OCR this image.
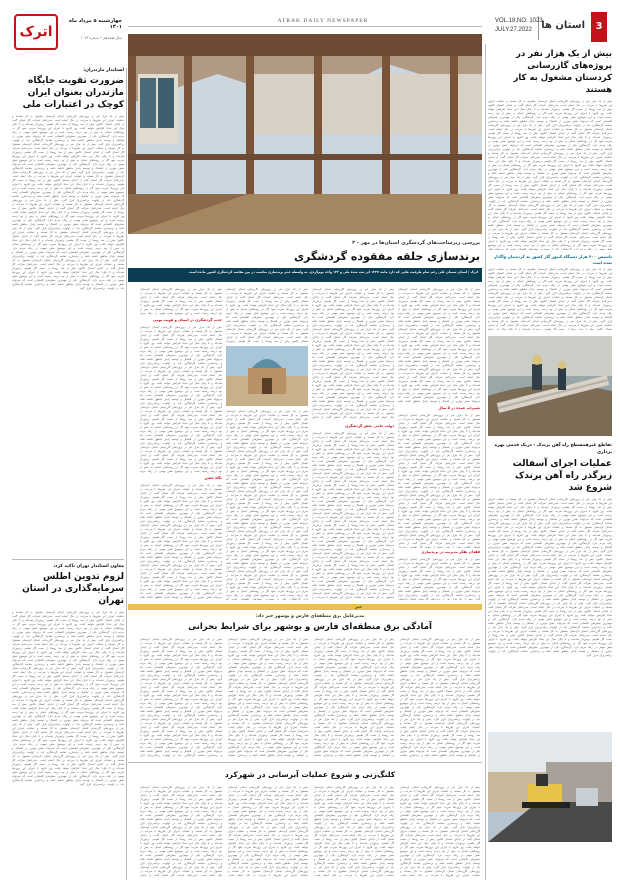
3
استان ها
VOL.18,NO. 1023
JULY.27.2022
ATRAK DAILY NEWSPAPER
اترک
چهارشنبه ۵ مرداد ماه ۱۴۰۱
سال هیجدهم • شماره ۱۰۲۳
بیش از یک هزار نفر در پروژه‌های گازرسانی کردستان مشغول به کار هستند
بیش از یک هزار نفر در پروژه‌های گازرسانی استان کردستان مشغول به کار هستند و عملیات اجرای این طرح‌ها با سرعت در حال انجام است. مدیرعامل شرکت گاز استان گفت از ابتدای امسال تاکنون بیش از صد روستا از نعمت گاز طبیعی برخوردار شده‌اند و تا پایان سال این تعداد افزایش خواهد یافت. وی افزود با اجرای این پروژه‌ها ضریب نفوذ گاز در روستاهای استان به بیش از نود درصد رسیده است و این موضوع نقش مهمی در رفاه مردم دارد. گردشگری یکی از مهم‌ترین بخش‌های اقتصادی است که می‌تواند نقش موثری در اشتغال و توسعه پایدار مناطق داشته باشد و برندسازی مقاصد گردشگری باید در اولویت برنامه‌ریزان قرار گیرد. بیش از یک هزار نفر در پروژه‌های گازرسانی استان کردستان مشغول به کار هستند و عملیات اجرای این طرح‌ها با سرعت در حال انجام است. مدیرعامل شرکت گاز استان گفت از ابتدای امسال تاکنون بیش از صد روستا از نعمت گاز طبیعی برخوردار شده‌اند و تا پایان سال این تعداد افزایش خواهد یافت. وی افزود با اجرای این پروژه‌ها ضریب نفوذ گاز در روستاهای استان به بیش از نود درصد رسیده است و این موضوع نقش مهمی در رفاه مردم دارد. گردشگری یکی از مهم‌ترین بخش‌های اقتصادی است که می‌تواند نقش موثری در اشتغال و توسعه پایدار مناطق داشته باشد و برندسازی مقاصد گردشگری باید در اولویت برنامه‌ریزان قرار گیرد. بیش از یک هزار نفر در پروژه‌های گازرسانی استان کردستان مشغول به کار هستند و عملیات اجرای این طرح‌ها با سرعت در حال انجام است. مدیرعامل شرکت گاز استان گفت از ابتدای امسال تاکنون بیش از صد روستا از نعمت گاز طبیعی برخوردار شده‌اند و تا پایان سال این تعداد افزایش خواهد یافت. وی افزود با اجرای این پروژه‌ها ضریب نفوذ گاز در روستاهای استان به بیش از نود درصد رسیده است و این موضوع نقش مهمی در رفاه مردم دارد. گردشگری یکی از مهم‌ترین بخش‌های اقتصادی است که می‌تواند نقش موثری در اشتغال و توسعه پایدار مناطق داشته باشد و برندسازی مقاصد گردشگری باید در اولویت برنامه‌ریزان قرار گیرد. بیش از یک هزار نفر در پروژه‌های گازرسانی استان کردستان مشغول به کار هستند و عملیات اجرای این طرح‌ها با سرعت در حال انجام است. مدیرعامل شرکت گاز استان گفت از ابتدای امسال تاکنون بیش از صد روستا از نعمت گاز طبیعی برخوردار شده‌اند و تا پایان سال این تعداد افزایش خواهد یافت. وی افزود با اجرای این پروژه‌ها ضریب نفوذ گاز در روستاهای استان به بیش از نود درصد رسیده است و این موضوع نقش مهمی در رفاه مردم دارد. گردشگری یکی از مهم‌ترین بخش‌های اقتصادی است که می‌تواند نقش موثری در اشتغال و توسعه پایدار مناطق داشته باشد و برندسازی مقاصد گردشگری باید در اولویت برنامه‌ریزان قرار گیرد. بیش از یک هزار نفر در پروژه‌های گازرسانی استان کردستان مشغول به کار هستند و عملیات اجرای این طرح‌ها با سرعت در حال انجام است. مدیرعامل شرکت گاز استان گفت از ابتدای امسال تاکنون بیش از صد روستا از نعمت گاز طبیعی برخوردار شده‌اند و تا پایان سال این تعداد افزایش خواهد یافت. وی افزود با اجرای این پروژه‌ها ضریب نفوذ گاز در روستاهای استان به بیش از نود درصد رسیده است و این موضوع نقش مهمی در رفاه مردم دارد. گردشگری یکی از مهم‌ترین بخش‌های اقتصادی است که می‌تواند نقش موثری در اشتغال و توسعه پایدار مناطق داشته باشد و برندسازی مقاصد گردشگری باید در اولویت برنامه‌ریزان قرار گیرد. بیش از یک هزار نفر در پروژه‌های گازرسانی استان کردستان مشغول به کار هستند و عملیات اجرای این طرح‌ها با سرعت در حال انجام است. مدیرعامل شرکت گاز استان گفت از ابتدای امسال تاکنون بیش از صد روستا از نعمت گاز طبیعی برخوردار شده‌اند و تا پایان سال این تعداد افزایش خواهد یافت. وی افزود با اجرای این پروژه‌ها ضریب نفوذ گاز در روستاهای استان به بیش از نود درصد رسیده است و این موضوع نقش مهمی در رفاه مردم دارد. گردشگری یکی از مهم‌ترین بخش‌های اقتصادی است که می‌تواند نقش
تاسیس ۴۰۰ هزار دستگاه کنتور گاز کشور به کردستان واگذار شده است
بیش از یک هزار نفر در پروژه‌های گازرسانی استان کردستان مشغول به کار هستند و عملیات اجرای این طرح‌ها با سرعت در حال انجام است. مدیرعامل شرکت گاز استان گفت از ابتدای امسال تاکنون بیش از صد روستا از نعمت گاز طبیعی برخوردار شده‌اند و تا پایان سال این تعداد افزایش خواهد یافت. وی افزود با اجرای این پروژه‌ها ضریب نفوذ گاز در روستاهای استان به بیش از نود درصد رسیده است و این موضوع نقش مهمی در رفاه مردم دارد. گردشگری یکی از مهم‌ترین بخش‌های اقتصادی است که می‌تواند نقش موثری در اشتغال و توسعه پایدار مناطق داشته باشد و برندسازی مقاصد گردشگری باید در اولویت برنامه‌ریزان قرار گیرد. بیش از یک هزار نفر در پروژه‌های گازرسانی استان کردستان مشغول به کار هستند و عملیات اجرای این طرح‌ها با سرعت در حال انجام است. مدیرعامل شرکت گاز استان گفت از ابتدای امسال تاکنون بیش از صد روستا از نعمت گاز طبیعی برخوردار شده‌اند و تا پایان سال این تعداد افزایش خواهد یافت. وی افزود با اجرای این پروژه‌ها ضریب نفوذ گاز در روستاهای استان به بیش از نود درصد رسیده است و این موضوع نقش مهمی در رفاه مردم دارد. گردشگری یکی از مهم‌ترین بخش‌های اقتصادی است که می‌تواند نقش موثری در اشتغال و توسعه پایدار مناطق داشته باشد و برندسازی مقاصد گردشگری باید در اولویت برنامه‌ریزان قرار گیرد. بیش از یک هزار نفر در پروژه‌های گازرسانی استان کردستان مشغول به کار هستند و عملیات اجرای این طرح‌ها با سرعت در حال انجام است. مدیرعامل شرکت گاز استان گفت از ابتدای امسال تاکنون بیش از صد روستا از نعمت گاز طبیعی برخوردار شده‌اند و تا پایان سال این تعداد
تقاطع غیرهمسطح راه آهن پرندک - دریک قدمی بهره برداری
عملیات اجرای آسفالت زیرگذر راه آهن پرندک شروع شد
بیش از یک هزار نفر در پروژه‌های گازرسانی استان کردستان مشغول به کار هستند و عملیات اجرای این طرح‌ها با سرعت در حال انجام است. مدیرعامل شرکت گاز استان گفت از ابتدای امسال تاکنون بیش از صد روستا از نعمت گاز طبیعی برخوردار شده‌اند و تا پایان سال این تعداد افزایش خواهد یافت. وی افزود با اجرای این پروژه‌ها ضریب نفوذ گاز در روستاهای استان به بیش از نود درصد رسیده است و این موضوع نقش مهمی در رفاه مردم دارد. گردشگری یکی از مهم‌ترین بخش‌های اقتصادی است که می‌تواند نقش موثری در اشتغال و توسعه پایدار مناطق داشته باشد و برندسازی مقاصد گردشگری باید در اولویت برنامه‌ریزان قرار گیرد. بیش از یک هزار نفر در پروژه‌های گازرسانی استان کردستان مشغول به کار هستند و عملیات اجرای این طرح‌ها با سرعت در حال انجام است. مدیرعامل شرکت گاز استان گفت از ابتدای امسال تاکنون بیش از صد روستا از نعمت گاز طبیعی برخوردار شده‌اند و تا پایان سال این تعداد افزایش خواهد یافت. وی افزود با اجرای این پروژه‌ها ضریب نفوذ گاز در روستاهای استان به بیش از نود درصد رسیده است و این موضوع نقش مهمی در رفاه مردم دارد. گردشگری یکی از مهم‌ترین بخش‌های اقتصادی است که می‌تواند نقش موثری در اشتغال و توسعه پایدار مناطق داشته باشد و برندسازی مقاصد گردشگری باید در اولویت برنامه‌ریزان قرار گیرد. بیش از یک هزار نفر در پروژه‌های گازرسانی استان کردستان مشغول به کار هستند و عملیات اجرای این طرح‌ها با سرعت در حال انجام است. مدیرعامل شرکت گاز استان گفت از ابتدای امسال تاکنون بیش از صد روستا از نعمت گاز طبیعی برخوردار شده‌اند و تا پایان سال این تعداد افزایش خواهد یافت. وی افزود با اجرای این پروژه‌ها ضریب نفوذ گاز در روستاهای استان به بیش از نود درصد رسیده است و این موضوع نقش مهمی در رفاه مردم دارد. گردشگری یکی از مهم‌ترین بخش‌های اقتصادی است که می‌تواند نقش موثری در اشتغال و توسعه پایدار مناطق داشته باشد و برندسازی مقاصد گردشگری باید در اولویت برنامه‌ریزان قرار گیرد. بیش از یک هزار نفر در پروژه‌های گازرسانی استان کردستان مشغول به کار هستند و عملیات اجرای این طرح‌ها با سرعت در حال انجام است. مدیرعامل شرکت گاز استان گفت از ابتدای امسال تاکنون بیش از صد روستا از نعمت گاز طبیعی برخوردار شده‌اند و تا پایان سال این تعداد افزایش خواهد یافت. وی افزود با اجرای این پروژه‌ها ضریب نفوذ گاز در روستاهای استان به بیش از نود درصد رسیده است و این موضوع نقش مهمی در رفاه مردم دارد. گردشگری یکی از مهم‌ترین بخش‌های اقتصادی است که می‌تواند نقش موثری در اشتغال و توسعه پایدار مناطق داشته باشد و برندسازی مقاصد گردشگری باید در اولویت برنامه‌ریزان قرار گیرد. بیش از یک هزار نفر در پروژه‌های گازرسانی استان کردستان مشغول به کار هستند و عملیات اجرای این طرح‌ها با سرعت در حال انجام است. مدیرعامل شرکت گاز استان گفت از ابتدای امسال تاکنون بیش از صد روستا از نعمت گاز طبیعی برخوردار شده‌اند و تا پایان سال این تعداد افزایش خواهد یافت. وی افزود با اجرای این پروژه‌ها ضریب نفوذ گاز در روستاهای استان به بیش از نود درصد رسیده است و این موضوع نقش مهمی در رفاه مردم دارد. گردشگری یکی از مهم‌ترین بخش‌های اقتصادی است که می‌تواند نقش موثری در اشتغال و توسعه پایدار مناطق داشته باشد و برندسازی مقاصد گردشگری باید در اولویت برنامه‌ریزان قرار گیرد. بیش از یک هزار نفر در پروژه‌های گازرسانی استان کردستان مشغول به کار هستند و عملیات اجرای این طرح‌ها با سرعت در حال انجام است. مدیرعامل شرکت گاز استان گفت از ابتدای امسال تاکنون بیش از صد روستا از نعمت گاز طبیعی برخوردار شده‌اند و تا پایان سال این تعداد افزایش خواهد یافت. وی افزود با اجرای این پروژه‌ها ضریب نفوذ گاز در روستاهای استان به بیش از نود درصد رسیده است و این موضوع نقش مهمی در رفاه مردم دارد. گردشگری یکی از مهم‌ترین بخش‌های اقتصادی است که می‌تواند نقش موثری در اشتغال و توسعه پایدار مناطق داشته باشد و برندسازی مقاصد گردشگری باید در اولویت برنامه‌ریزان قرار گیرد.
بررسی زیرساخت‌های گردشگری استان‌ها در مهر - ۳
برندسازی حلقه مفقوده گردشگری
اترک / استان سمنان علی رغم تمام ظرفیت هایی که دارد مانند ۱۳۳۷ اثر ثبت شده ملی و ۱۳۳ واحد بوم‌گردی، به واسطه عدم برندسازی مناسب در بین مقاصد گردشگری کشور مانده است
بیش از یک هزار نفر در پروژه‌های گازرسانی استان کردستان مشغول به کار هستند و عملیات اجرای این طرح‌ها با سرعت در حال انجام است. مدیرعامل شرکت گاز استان گفت از ابتدای امسال تاکنون بیش از صد روستا از نعمت گاز طبیعی برخوردار شده‌اند و تا پایان سال این تعداد افزایش خواهد یافت. وی افزود با اجرای این پروژه‌ها ضریب نفوذ گاز در روستاهای استان به بیش از نود درصد رسیده است و این موضوع نقش مهمی در رفاه مردم دارد. گردشگری یکی از مهم‌ترین بخش‌های اقتصادی است که می‌تواند نقش موثری در اشتغال و توسعه پایدار مناطق داشته باشد و برندسازی مقاصد گردشگری باید در اولویت برنامه‌ریزان قرار گیرد. بیش از یک هزار نفر در پروژه‌های گازرسانی استان کردستان مشغول به کار هستند و عملیات اجرای این طرح‌ها با سرعت در حال انجام است. مدیرعامل شرکت گاز استان گفت از ابتدای امسال تاکنون بیش از صد روستا از نعمت گاز طبیعی برخوردار شده‌اند و تا پایان سال این تعداد افزایش خواهد یافت. وی افزود با اجرای این پروژه‌ها ضریب نفوذ گاز در روستاهای استان به بیش از نود درصد رسیده است و این موضوع نقش مهمی در رفاه مردم دارد. گردشگری یکی از مهم‌ترین بخش‌های اقتصادی است که می‌تواند نقش موثری در اشتغال و توسعه پایدار مناطق داشته باشد و برندسازی مقاصد گردشگری باید در اولویت برنامه‌ریزان قرار گیرد. بیش از یک هزار نفر در پروژه‌های گازرسانی استان کردستان مشغول به کار هستند و عملیات اجرای این طرح‌ها با سرعت در حال انجام است. مدیرعامل شرکت گاز استان گفت از ابتدای امسال تاکنون بیش از صد روستا از نعمت گاز طبیعی برخوردار شده‌اند و تا پایان سال این تعداد افزایش خواهد یافت. وی افزود با اجرای این پروژه‌ها ضریب نفوذ گاز در روستاهای استان به بیش از نود درصد رسیده است و این موضوع نقش مهمی در رفاه مردم دارد. گردشگری یکی از مهم‌ترین بخش‌های اقتصادی است که می‌تواند نقش موثری در اشتغال و توسعه پایدار مناطق داشته باشد
تغییرات عمده در ۵ سال
بیش از یک هزار نفر در پروژه‌های گازرسانی استان کردستان مشغول به کار هستند و عملیات اجرای این طرح‌ها با سرعت در حال انجام است. مدیرعامل شرکت گاز استان گفت از ابتدای امسال تاکنون بیش از صد روستا از نعمت گاز طبیعی برخوردار شده‌اند و تا پایان سال این تعداد افزایش خواهد یافت. وی افزود با اجرای این پروژه‌ها ضریب نفوذ گاز در روستاهای استان به بیش از نود درصد رسیده است و این موضوع نقش مهمی در رفاه مردم دارد. گردشگری یکی از مهم‌ترین بخش‌های اقتصادی است که می‌تواند نقش موثری در اشتغال و توسعه پایدار مناطق داشته باشد و برندسازی مقاصد گردشگری باید در اولویت برنامه‌ریزان قرار گیرد. بیش از یک هزار نفر در پروژه‌های گازرسانی استان کردستان مشغول به کار هستند و عملیات اجرای این طرح‌ها با سرعت در حال انجام است. مدیرعامل شرکت گاز استان گفت از ابتدای امسال تاکنون بیش از صد روستا از نعمت گاز طبیعی برخوردار شده‌اند و تا پایان سال این تعداد افزایش خواهد یافت. وی افزود با اجرای این پروژه‌ها ضریب نفوذ گاز در روستاهای استان به بیش از نود درصد رسیده است و این موضوع نقش مهمی در رفاه مردم دارد. گردشگری یکی از مهم‌ترین بخش‌های اقتصادی است که می‌تواند نقش موثری در اشتغال و توسعه پایدار مناطق داشته باشد و برندسازی مقاصد گردشگری باید در اولویت برنامه‌ریزان قرار گیرد. بیش از یک هزار نفر در پروژه‌های گازرسانی استان کردستان مشغول به کار هستند و عملیات اجرای این طرح‌ها با سرعت در حال انجام است. مدیرعامل شرکت گاز استان گفت از ابتدای امسال تاکنون بیش از صد روستا از نعمت گاز طبیعی برخوردار شده‌اند و تا پایان سال این تعداد افزایش خواهد یافت. وی افزود با اجرای این پروژه‌ها ضریب نفوذ گاز در روستاهای استان به بیش از نود درصد رسیده است و این موضوع نقش مهمی در رفاه مردم دارد. گردشگری یکی از مهم‌ترین بخش‌های اقتصادی است که می‌تواند نقش موثری در اشتغال و توسعه پایدار مناطق داشته باشد و برندسازی مقاصد گردشگری باید در اولویت برنامه‌ریزان قرار گیرد. بیش از یک هزار نفر در پروژه‌های گازرسانی استان کردستان مشغول به کار هستند و عملیات اجرای این طرح‌ها با سرعت در حال انجام است. مدیرعامل شرکت گاز استان گفت از ابتدای امسال تاکنون بیش از صد روستا از نعمت گاز طبیعی برخوردار
فقدان تفکر مدیریت در برندسازی
بیش از یک هزار نفر در پروژه‌های گازرسانی استان کردستان مشغول به کار هستند و عملیات اجرای این طرح‌ها با سرعت در حال انجام است. مدیرعامل شرکت گاز استان گفت از ابتدای امسال تاکنون بیش از صد روستا از نعمت گاز طبیعی برخوردار شده‌اند و تا پایان سال این تعداد افزایش خواهد یافت. وی افزود با اجرای این پروژه‌ها ضریب نفوذ گاز در روستاهای استان به بیش از نود درصد رسیده است و این موضوع نقش مهمی در رفاه مردم دارد. گردشگری یکی از مهم‌ترین بخش‌های اقتصادی است که می‌تواند نقش موثری در اشتغال و توسعه پایدار مناطق داشته باشد و برندسازی مقاصد گردشگری باید در اولویت برنامه‌ریزان قرار گیرد. بیش از یک هزار نفر در پروژه‌های گازرسانی استان کردستان
بیش از یک هزار نفر در پروژه‌های گازرسانی استان کردستان مشغول به کار هستند و عملیات اجرای این طرح‌ها با سرعت در حال انجام است. مدیرعامل شرکت گاز استان گفت از ابتدای امسال تاکنون بیش از صد روستا از نعمت گاز طبیعی برخوردار شده‌اند و تا پایان سال این تعداد افزایش خواهد یافت. وی افزود با اجرای این پروژه‌ها ضریب نفوذ گاز در روستاهای استان به بیش از نود درصد رسیده است و این موضوع نقش مهمی در رفاه مردم دارد. گردشگری یکی از مهم‌ترین بخش‌های اقتصادی است که می‌تواند نقش موثری در اشتغال و توسعه پایدار مناطق داشته باشد و برندسازی مقاصد گردشگری باید در اولویت برنامه‌ریزان قرار گیرد. بیش از یک هزار نفر در پروژه‌های گازرسانی استان کردستان مشغول به کار هستند و عملیات اجرای این طرح‌ها با سرعت در حال انجام است. مدیرعامل شرکت گاز استان گفت از ابتدای امسال تاکنون بیش از صد روستا از نعمت گاز طبیعی برخوردار شده‌اند و تا پایان سال این تعداد افزایش خواهد یافت. وی افزود با اجرای این پروژه‌ها ضریب نفوذ گاز در روستاهای استان به بیش از نود درصد رسیده است و این موضوع نقش مهمی در رفاه مردم دارد. گردشگری یکی از مهم‌ترین بخش‌های اقتصادی است که می‌تواند نقش موثری در اشتغال و توسعه پایدار مناطق داشته باشد و برندسازی مقاصد گردشگری باید در اولویت برنامه‌ریزان قرار گیرد. بیش از یک هزار نفر در پروژه‌های گازرسانی استان کردستان مشغول به کار هستند و عملیات اجرای این طرح‌ها با سرعت در حال انجام است. مدیرعامل شرکت گاز استان گفت از ابتدای امسال تاکنون بیش از صد روستا از نعمت گاز طبیعی برخوردار شده‌اند و تا پایان سال این تعداد افزایش خواهد یافت. وی افزود با اجرای این پروژه‌ها ضریب نفوذ گاز در روستاهای استان به بیش از نود درصد رسیده است و این موضوع نقش مهمی در رفاه مردم دارد. گردشگری یکی از مهم‌ترین بخش‌های اقتصادی است که می‌تواند نقش موثری در اشتغال و توسعه پایدار مناطق داشته باشد و برندسازی مقاصد گردشگری باید در اولویت برنامه‌ریزان قرار گیرد. بیش از یک هزار نفر در پروژه‌های گازرسانی استان کردستان مشغول به کار هستند و عملیات اجرای این طرح‌ها با سرعت در حال انجام است. مدیرعامل شرکت گاز استان گفت از ابتدای
دولت حامی بخش گردشگری
بیش از یک هزار نفر در پروژه‌های گازرسانی استان کردستان مشغول به کار هستند و عملیات اجرای این طرح‌ها با سرعت در حال انجام است. مدیرعامل شرکت گاز استان گفت از ابتدای امسال تاکنون بیش از صد روستا از نعمت گاز طبیعی برخوردار شده‌اند و تا پایان سال این تعداد افزایش خواهد یافت. وی افزود با اجرای این پروژه‌ها ضریب نفوذ گاز در روستاهای استان به بیش از نود درصد رسیده است و این موضوع نقش مهمی در رفاه مردم دارد. گردشگری یکی از مهم‌ترین بخش‌های اقتصادی است که می‌تواند نقش موثری در اشتغال و توسعه پایدار مناطق داشته باشد و برندسازی مقاصد گردشگری باید در اولویت برنامه‌ریزان قرار گیرد. بیش از یک هزار نفر در پروژه‌های گازرسانی استان کردستان مشغول به کار هستند و عملیات اجرای این طرح‌ها با سرعت در حال انجام است. مدیرعامل شرکت گاز استان گفت از ابتدای امسال تاکنون بیش از صد روستا از نعمت گاز طبیعی برخوردار شده‌اند و تا پایان سال این تعداد افزایش خواهد یافت. وی افزود با اجرای این پروژه‌ها ضریب نفوذ گاز در روستاهای استان به بیش از نود درصد رسیده است و این موضوع نقش مهمی در رفاه مردم دارد. گردشگری یکی از مهم‌ترین بخش‌های اقتصادی است که می‌تواند نقش موثری در اشتغال و توسعه پایدار مناطق داشته باشد و برندسازی مقاصد گردشگری باید در اولویت برنامه‌ریزان قرار گیرد. بیش از یک هزار نفر در پروژه‌های گازرسانی استان کردستان مشغول به کار هستند و عملیات اجرای این طرح‌ها با سرعت در حال انجام است. مدیرعامل شرکت گاز استان گفت از ابتدای امسال تاکنون بیش از صد روستا از نعمت گاز طبیعی برخوردار شده‌اند و تا پایان سال این تعداد افزایش خواهد یافت. وی افزود با اجرای این پروژه‌ها ضریب نفوذ گاز در روستاهای استان به بیش از نود درصد رسیده است و این موضوع نقش مهمی در رفاه مردم دارد. گردشگری یکی از مهم‌ترین بخش‌های اقتصادی است که می‌تواند نقش موثری در اشتغال و توسعه پایدار مناطق داشته باشد و برندسازی مقاصد گردشگری باید در اولویت برنامه‌ریزان قرار گیرد. بیش از یک هزار نفر در پروژه‌های گازرسانی استان کردستان مشغول به کار هستند و عملیات اجرای این طرح‌ها با سرعت در حال انجام است. مدیرعامل شرکت گاز استان گفت از ابتدای امسال تاکنون بیش از صد روستا از نعمت گاز طبیعی برخوردار شده‌اند و تا پایان سال این تعداد افزایش خواهد یافت. وی افزود با اجرای این پروژه‌ها ضریب نفوذ گاز در روستاهای استان به بیش از نود درصد رسیده است و این موضوع نقش مهمی در رفاه مردم دارد. گردشگری یکی از مهم‌ترین بخش‌های اقتصادی است که می‌تواند نقش موثری در اشتغال و توسعه پایدار مناطق داشته باشد و برندسازی مقاصد گردشگری باید در اولویت برنامه‌ریزان قرار گیرد. بیش از یک هزار نفر در پروژه‌های گازرسانی استان کردستان مشغول به کار هستند و عملیات اجرای این طرح‌ها با سرعت در
بیش از یک هزار نفر در پروژه‌های گازرسانی استان کردستان مشغول به کار هستند و عملیات اجرای این طرح‌ها با سرعت در حال انجام است. مدیرعامل شرکت گاز استان گفت از ابتدای امسال تاکنون بیش از صد روستا از نعمت گاز طبیعی برخوردار شده‌اند و تا پایان سال این تعداد افزایش خواهد یافت. وی افزود با اجرای این پروژه‌ها ضریب نفوذ گاز در روستاهای استان به بیش از نود درصد رسیده است و این موضوع نقش مهمی در رفاه مردم دارد. گردشگری یکی از مهم‌ترین بخش‌های اقتصادی است که می‌تواند نقش موثری در اشتغال و توسعه پایدار مناطق داشته باشد و برندسازی مقاصد گردشگری باید در اولویت برنامه‌ریزان قرار گیرد. بیش از یک هزار نفر در پروژه‌های گازرسانی استان کردستان مشغول به کار هستند و عملیات اجرای این طرح‌ها با سرعت در حال انجام است. مدیرعامل شرکت گاز استان گفت از ابتدای امسال تاکنون بیش از صد روستا از نعمت گاز طبیعی برخوردار
بیش از یک هزار نفر در پروژه‌های گازرسانی استان کردستان مشغول به کار هستند و عملیات اجرای این طرح‌ها با سرعت در حال انجام است. مدیرعامل شرکت گاز استان گفت از ابتدای امسال تاکنون بیش از صد روستا از نعمت گاز طبیعی برخوردار شده‌اند و تا پایان سال این تعداد افزایش خواهد یافت. وی افزود با اجرای این پروژه‌ها ضریب نفوذ گاز در روستاهای استان به بیش از نود درصد رسیده است و این موضوع نقش مهمی در رفاه مردم دارد. گردشگری یکی از مهم‌ترین بخش‌های اقتصادی است که می‌تواند نقش موثری در اشتغال و توسعه پایدار مناطق داشته باشد و برندسازی مقاصد گردشگری باید در اولویت برنامه‌ریزان قرار گیرد. بیش از یک هزار نفر در پروژه‌های گازرسانی استان کردستان مشغول به کار هستند و عملیات اجرای این طرح‌ها با سرعت در حال انجام است. مدیرعامل شرکت گاز استان گفت از ابتدای امسال تاکنون بیش از صد روستا از نعمت گاز طبیعی برخوردار شده‌اند و تا پایان سال این تعداد افزایش خواهد یافت. وی افزود با اجرای این پروژه‌ها ضریب نفوذ گاز در روستاهای استان به بیش از نود درصد رسیده است و این موضوع نقش مهمی در رفاه مردم دارد. گردشگری یکی از مهم‌ترین بخش‌های اقتصادی است که می‌تواند نقش موثری در اشتغال و توسعه پایدار مناطق داشته باشد و برندسازی مقاصد گردشگری باید در اولویت برنامه‌ریزان قرار گیرد. بیش از یک هزار نفر در پروژه‌های گازرسانی استان کردستان مشغول به کار هستند و عملیات اجرای این طرح‌ها با سرعت در حال انجام است. مدیرعامل شرکت گاز استان گفت از ابتدای امسال تاکنون بیش از صد روستا از نعمت گاز طبیعی برخوردار شده‌اند و تا پایان سال این تعداد افزایش خواهد یافت. وی افزود با اجرای این پروژه‌ها ضریب نفوذ گاز در روستاهای استان به بیش از نود درصد رسیده است و این موضوع نقش مهمی در رفاه مردم دارد. گردشگری یکی از مهم‌ترین بخش‌های اقتصادی است که می‌تواند نقش موثری در اشتغال و توسعه پایدار مناطق داشته باشد و برندسازی مقاصد گردشگری باید در اولویت برنامه‌ریزان قرار گیرد. بیش از یک هزار نفر در پروژه‌های گازرسانی استان کردستان مشغول به کار هستند و عملیات اجرای این طرح‌ها با سرعت در حال انجام است. مدیرعامل شرکت گاز استان گفت از ابتدای امسال تاکنون بیش از صد روستا از نعمت گاز طبیعی برخوردار شده‌اند و تا پایان سال این تعداد افزایش خواهد یافت. وی افزود با اجرای این پروژه‌ها ضریب نفوذ گاز در روستاهای استان به بیش از نود درصد رسیده است و این موضوع نقش مهمی در رفاه مردم دارد. گردشگری یکی از مهم‌ترین بخش‌های اقتصادی است که می‌تواند نقش موثری در اشتغال و توسعه پایدار مناطق داشته باشد و برندسازی مقاصد گردشگری باید در اولویت برنامه‌ریزان قرار گیرد. بیش از یک هزار نفر در پروژه‌های گازرسانی استان کردستان مشغول به کار هستند و عملیات اجرای این طرح‌ها با سرعت در حال انجام است. مدیرعامل شرکت گاز استان گفت از ابتدای امسال تاکنون بیش از صد روستا از نعمت گاز طبیعی برخوردار شده‌اند و تا پایان سال این تعداد افزایش خواهد یافت. وی افزود با اجرای این پروژه‌ها ضریب نفوذ گاز در روستاهای استان به بیش از نود درصد رسیده است و این موضوع نقش مهمی در رفاه مردم دارد. گردشگری یکی از مهم‌ترین بخش‌های اقتصادی است که
بیش از یک هزار نفر در پروژه‌های گازرسانی استان کردستان مشغول به کار هستند و عملیات اجرای این طرح‌ها با سرعت در حال انجام است. مدیرعامل شرکت گاز استان گفت از ابتدای امسال تاکنون بیش از صد روستا از نعمت گاز طبیعی برخوردار شده‌اند و تا پایان سال این تعداد افزایش خواهد یافت. وی افزود با اجرای این پروژه‌ها ضریب نفوذ گاز در روستاهای استان به بیش از نود درصد رسیده است و این موضوع نقش مهمی در رفاه مردم
جذب گردشگری در استان و هویت بومی
بیش از یک هزار نفر در پروژه‌های گازرسانی استان کردستان مشغول به کار هستند و عملیات اجرای این طرح‌ها با سرعت در حال انجام است. مدیرعامل شرکت گاز استان گفت از ابتدای امسال تاکنون بیش از صد روستا از نعمت گاز طبیعی برخوردار شده‌اند و تا پایان سال این تعداد افزایش خواهد یافت. وی افزود با اجرای این پروژه‌ها ضریب نفوذ گاز در روستاهای استان به بیش از نود درصد رسیده است و این موضوع نقش مهمی در رفاه مردم دارد. گردشگری یکی از مهم‌ترین بخش‌های اقتصادی است که می‌تواند نقش موثری در اشتغال و توسعه پایدار مناطق داشته باشد و برندسازی مقاصد گردشگری باید در اولویت برنامه‌ریزان قرار گیرد. بیش از یک هزار نفر در پروژه‌های گازرسانی استان کردستان مشغول به کار هستند و عملیات اجرای این طرح‌ها با سرعت در حال انجام است. مدیرعامل شرکت گاز استان گفت از ابتدای امسال تاکنون بیش از صد روستا از نعمت گاز طبیعی برخوردار شده‌اند و تا پایان سال این تعداد افزایش خواهد یافت. وی افزود با اجرای این پروژه‌ها ضریب نفوذ گاز در روستاهای استان به بیش از نود درصد رسیده است و این موضوع نقش مهمی در رفاه مردم دارد. گردشگری یکی از مهم‌ترین بخش‌های اقتصادی است که می‌تواند نقش موثری در اشتغال و توسعه پایدار مناطق داشته باشد و برندسازی مقاصد گردشگری باید در اولویت برنامه‌ریزان قرار گیرد. بیش از یک هزار نفر در پروژه‌های گازرسانی استان کردستان مشغول به کار هستند و عملیات اجرای این طرح‌ها با سرعت در حال انجام است. مدیرعامل شرکت گاز استان گفت از ابتدای امسال تاکنون بیش از صد روستا از نعمت گاز طبیعی برخوردار شده‌اند و تا پایان سال این تعداد افزایش خواهد یافت. وی افزود با اجرای این پروژه‌ها ضریب نفوذ گاز در روستاهای استان به بیش از نود درصد رسیده است و این موضوع نقش مهمی در رفاه مردم دارد. گردشگری یکی از مهم‌ترین بخش‌های اقتصادی است که می‌تواند نقش موثری در اشتغال و توسعه پایدار مناطق داشته باشد و برندسازی مقاصد گردشگری باید در اولویت برنامه‌ریزان قرار گیرد. بیش از یک هزار نفر در پروژه‌های گازرسانی استان کردستان مشغول به کار هستند و عملیات اجرای این طرح‌ها با سرعت در حال انجام است. مدیرعامل شرکت گاز استان گفت از ابتدای امسال تاکنون بیش از صد روستا از نعمت گاز طبیعی برخوردار شده‌اند و تا پایان سال این تعداد افزایش خواهد یافت. وی افزود با اجرای این پروژه‌ها ضریب نفوذ گاز در روستاهای استان به بیش از نود درصد رسیده است و این موضوع نقش مهمی در رفاه مردم
نگاه خشن
بیش از یک هزار نفر در پروژه‌های گازرسانی استان کردستان مشغول به کار هستند و عملیات اجرای این طرح‌ها با سرعت در حال انجام است. مدیرعامل شرکت گاز استان گفت از ابتدای امسال تاکنون بیش از صد روستا از نعمت گاز طبیعی برخوردار شده‌اند و تا پایان سال این تعداد افزایش خواهد یافت. وی افزود با اجرای این پروژه‌ها ضریب نفوذ گاز در روستاهای استان به بیش از نود درصد رسیده است و این موضوع نقش مهمی در رفاه مردم دارد. گردشگری یکی از مهم‌ترین بخش‌های اقتصادی است که می‌تواند نقش موثری در اشتغال و توسعه پایدار مناطق داشته باشد و برندسازی مقاصد گردشگری باید در اولویت برنامه‌ریزان قرار گیرد. بیش از یک هزار نفر در پروژه‌های گازرسانی استان کردستان مشغول به کار هستند و عملیات اجرای این طرح‌ها با سرعت در حال انجام است. مدیرعامل شرکت گاز استان گفت از ابتدای امسال تاکنون بیش از صد روستا از نعمت گاز طبیعی برخوردار شده‌اند و تا پایان سال این تعداد افزایش خواهد یافت. وی افزود با اجرای این پروژه‌ها ضریب نفوذ گاز در روستاهای استان به بیش از نود درصد رسیده است و این موضوع نقش مهمی در رفاه مردم دارد. گردشگری یکی از مهم‌ترین بخش‌های اقتصادی است که می‌تواند نقش موثری در اشتغال و توسعه پایدار مناطق داشته باشد و برندسازی مقاصد گردشگری باید در اولویت برنامه‌ریزان قرار گیرد. بیش از یک هزار نفر در پروژه‌های گازرسانی استان کردستان مشغول به کار هستند و عملیات اجرای این طرح‌ها با سرعت در حال انجام است. مدیرعامل شرکت گاز استان گفت از ابتدای امسال تاکنون بیش از صد روستا از نعمت گاز طبیعی برخوردار شده‌اند و تا پایان سال این تعداد افزایش خواهد یافت. وی افزود با اجرای این پروژه‌ها ضریب نفوذ گاز در روستاهای استان به بیش از نود درصد رسیده است و این موضوع نقش مهمی در رفاه مردم دارد. گردشگری یکی از مهم‌ترین بخش‌های اقتصادی است که می‌تواند نقش موثری در اشتغال و توسعه پایدار مناطق داشته باشد
خبر
مدیرعامل برق منطقه‌ای فارس و بوشهر خبر داد:
آمادگی برق منطقه‌ای فارس و بوشهر برای شرایط بحرانی
بیش از یک هزار نفر در پروژه‌های گازرسانی استان کردستان مشغول به کار هستند و عملیات اجرای این طرح‌ها با سرعت در حال انجام است. مدیرعامل شرکت گاز استان گفت از ابتدای امسال تاکنون بیش از صد روستا از نعمت گاز طبیعی برخوردار شده‌اند و تا پایان سال این تعداد افزایش خواهد یافت. وی افزود با اجرای این پروژه‌ها ضریب نفوذ گاز در روستاهای استان به بیش از نود درصد رسیده است و این موضوع نقش مهمی در رفاه مردم دارد. گردشگری یکی از مهم‌ترین بخش‌های اقتصادی است که می‌تواند نقش موثری در اشتغال و توسعه پایدار مناطق داشته باشد و برندسازی مقاصد گردشگری باید در اولویت برنامه‌ریزان قرار گیرد. بیش از یک هزار نفر در پروژه‌های گازرسانی استان کردستان مشغول به کار هستند و عملیات اجرای این طرح‌ها با سرعت در حال انجام است. مدیرعامل شرکت گاز استان گفت از ابتدای امسال تاکنون بیش از صد روستا از نعمت گاز طبیعی برخوردار شده‌اند و تا پایان سال این تعداد افزایش خواهد یافت. وی افزود با اجرای این پروژه‌ها ضریب نفوذ گاز در روستاهای استان به بیش از نود درصد رسیده است و این موضوع نقش مهمی در رفاه مردم دارد. گردشگری یکی از مهم‌ترین بخش‌های اقتصادی است که می‌تواند نقش موثری در اشتغال و توسعه پایدار مناطق داشته باشد و برندسازی مقاصد گردشگری باید در اولویت برنامه‌ریزان قرار گیرد. بیش از یک هزار نفر در پروژه‌های گازرسانی استان کردستان مشغول به کار هستند و عملیات اجرای این طرح‌ها با سرعت در حال انجام است. مدیرعامل شرکت گاز استان گفت از ابتدای امسال تاکنون بیش از صد روستا از نعمت گاز طبیعی برخوردار شده‌اند و تا پایان سال این تعداد افزایش خواهد یافت. وی افزود با اجرای این پروژه‌ها ضریب نفوذ گاز در روستاهای استان به بیش از نود درصد رسیده است و این موضوع نقش مهمی در رفاه مردم دارد. گردشگری یکی از مهم‌ترین بخش‌های اقتصادی است که می‌تواند نقش موثری در اشتغال و توسعه پایدار مناطق داشته باشد و برندسازی مقاصد
بیش از یک هزار نفر در پروژه‌های گازرسانی استان کردستان مشغول به کار هستند و عملیات اجرای این طرح‌ها با سرعت در حال انجام است. مدیرعامل شرکت گاز استان گفت از ابتدای امسال تاکنون بیش از صد روستا از نعمت گاز طبیعی برخوردار شده‌اند و تا پایان سال این تعداد افزایش خواهد یافت. وی افزود با اجرای این پروژه‌ها ضریب نفوذ گاز در روستاهای استان به بیش از نود درصد رسیده است و این موضوع نقش مهمی در رفاه مردم دارد. گردشگری یکی از مهم‌ترین بخش‌های اقتصادی است که می‌تواند نقش موثری در اشتغال و توسعه پایدار مناطق داشته باشد و برندسازی مقاصد گردشگری باید در اولویت برنامه‌ریزان قرار گیرد. بیش از یک هزار نفر در پروژه‌های گازرسانی استان کردستان مشغول به کار هستند و عملیات اجرای این طرح‌ها با سرعت در حال انجام است. مدیرعامل شرکت گاز استان گفت از ابتدای امسال تاکنون بیش از صد روستا از نعمت گاز طبیعی برخوردار شده‌اند و تا پایان سال این تعداد افزایش خواهد یافت. وی افزود با اجرای این پروژه‌ها ضریب نفوذ گاز در روستاهای استان به بیش از نود درصد رسیده است و این موضوع نقش مهمی در رفاه مردم دارد. گردشگری یکی از مهم‌ترین بخش‌های اقتصادی است که می‌تواند نقش موثری در اشتغال و توسعه پایدار مناطق داشته باشد و برندسازی مقاصد گردشگری باید در اولویت برنامه‌ریزان قرار گیرد. بیش از یک هزار نفر در پروژه‌های گازرسانی استان کردستان مشغول به کار هستند و عملیات اجرای این طرح‌ها با سرعت در حال انجام است. مدیرعامل شرکت گاز استان گفت از ابتدای امسال تاکنون بیش از صد روستا از نعمت گاز طبیعی برخوردار شده‌اند و تا پایان سال این تعداد افزایش خواهد یافت. وی افزود با اجرای این پروژه‌ها ضریب نفوذ گاز در روستاهای استان به بیش از نود درصد رسیده است و این موضوع نقش مهمی در رفاه مردم دارد. گردشگری یکی از مهم‌ترین بخش‌های اقتصادی است که می‌تواند نقش موثری در اشتغال و توسعه پایدار مناطق داشته باشد و برندسازی مقاصد
بیش از یک هزار نفر در پروژه‌های گازرسانی استان کردستان مشغول به کار هستند و عملیات اجرای این طرح‌ها با سرعت در حال انجام است. مدیرعامل شرکت گاز استان گفت از ابتدای امسال تاکنون بیش از صد روستا از نعمت گاز طبیعی برخوردار شده‌اند و تا پایان سال این تعداد افزایش خواهد یافت. وی افزود با اجرای این پروژه‌ها ضریب نفوذ گاز در روستاهای استان به بیش از نود درصد رسیده است و این موضوع نقش مهمی در رفاه مردم دارد. گردشگری یکی از مهم‌ترین بخش‌های اقتصادی است که می‌تواند نقش موثری در اشتغال و توسعه پایدار مناطق داشته باشد و برندسازی مقاصد گردشگری باید در اولویت برنامه‌ریزان قرار گیرد. بیش از یک هزار نفر در پروژه‌های گازرسانی استان کردستان مشغول به کار هستند و عملیات اجرای این طرح‌ها با سرعت در حال انجام است. مدیرعامل شرکت گاز استان گفت از ابتدای امسال تاکنون بیش از صد روستا از نعمت گاز طبیعی برخوردار شده‌اند و تا پایان سال این تعداد افزایش خواهد یافت. وی افزود با اجرای این پروژه‌ها ضریب نفوذ گاز در روستاهای استان به بیش از نود درصد رسیده است و این موضوع نقش مهمی در رفاه مردم دارد. گردشگری یکی از مهم‌ترین بخش‌های اقتصادی است که می‌تواند نقش موثری در اشتغال و توسعه پایدار مناطق داشته باشد و برندسازی مقاصد گردشگری باید در اولویت برنامه‌ریزان قرار گیرد. بیش از یک هزار نفر در پروژه‌های گازرسانی استان کردستان مشغول به کار هستند و عملیات اجرای این طرح‌ها با سرعت در حال انجام است. مدیرعامل شرکت گاز استان گفت از ابتدای امسال تاکنون بیش از صد روستا از نعمت گاز طبیعی برخوردار شده‌اند و تا پایان سال این تعداد افزایش خواهد یافت. وی افزود با اجرای این پروژه‌ها ضریب نفوذ گاز در روستاهای استان به بیش از نود درصد رسیده است و این موضوع نقش مهمی در رفاه مردم دارد. گردشگری یکی از مهم‌ترین بخش‌های اقتصادی است که می‌تواند نقش موثری در اشتغال و توسعه پایدار مناطق داشته باشد و برندسازی مقاصد
بیش از یک هزار نفر در پروژه‌های گازرسانی استان کردستان مشغول به کار هستند و عملیات اجرای این طرح‌ها با سرعت در حال انجام است. مدیرعامل شرکت گاز استان گفت از ابتدای امسال تاکنون بیش از صد روستا از نعمت گاز طبیعی برخوردار شده‌اند و تا پایان سال این تعداد افزایش خواهد یافت. وی افزود با اجرای این پروژه‌ها ضریب نفوذ گاز در روستاهای استان به بیش از نود درصد رسیده است و این موضوع نقش مهمی در رفاه مردم دارد. گردشگری یکی از مهم‌ترین بخش‌های اقتصادی است که می‌تواند نقش موثری در اشتغال و توسعه پایدار مناطق داشته باشد و برندسازی مقاصد گردشگری باید در اولویت برنامه‌ریزان قرار گیرد. بیش از یک هزار نفر در پروژه‌های گازرسانی استان کردستان مشغول به کار هستند و عملیات اجرای این طرح‌ها با سرعت در حال انجام است. مدیرعامل شرکت گاز استان گفت از ابتدای امسال تاکنون بیش از صد روستا از نعمت گاز طبیعی برخوردار شده‌اند و تا پایان سال این تعداد افزایش خواهد یافت. وی افزود با اجرای این پروژه‌ها ضریب نفوذ گاز در روستاهای استان به بیش از نود درصد رسیده است و این موضوع نقش مهمی در رفاه مردم دارد. گردشگری یکی از مهم‌ترین بخش‌های اقتصادی است که می‌تواند نقش موثری در اشتغال و توسعه پایدار مناطق داشته باشد و برندسازی مقاصد گردشگری باید در اولویت برنامه‌ریزان قرار گیرد. بیش از یک هزار نفر در پروژه‌های گازرسانی استان کردستان مشغول به کار هستند و عملیات اجرای این طرح‌ها با سرعت در حال انجام است. مدیرعامل شرکت گاز استان گفت از ابتدای امسال تاکنون بیش از صد روستا از نعمت گاز طبیعی برخوردار شده‌اند و تا پایان سال این تعداد افزایش خواهد یافت. وی افزود با اجرای این پروژه‌ها ضریب نفوذ گاز در روستاهای استان به بیش از نود درصد رسیده است و این موضوع نقش مهمی در رفاه مردم دارد. گردشگری یکی از مهم‌ترین بخش‌های اقتصادی است که می‌تواند نقش موثری در اشتغال و توسعه پایدار مناطق داشته باشد و برندسازی مقاصد گردشگری باید در اولویت برنامه‌ریزان قرار
کلنگ‌زنی و شروع عملیات آبرسانی در شهرکرد
بیش از یک هزار نفر در پروژه‌های گازرسانی استان کردستان مشغول به کار هستند و عملیات اجرای این طرح‌ها با سرعت در حال انجام است. مدیرعامل شرکت گاز استان گفت از ابتدای امسال تاکنون بیش از صد روستا از نعمت گاز طبیعی برخوردار شده‌اند و تا پایان سال این تعداد افزایش خواهد یافت. وی افزود با اجرای این پروژه‌ها ضریب نفوذ گاز در روستاهای استان به بیش از نود درصد رسیده است و این موضوع نقش مهمی در رفاه مردم دارد. گردشگری یکی از مهم‌ترین بخش‌های اقتصادی است که می‌تواند نقش موثری در اشتغال و توسعه پایدار مناطق داشته باشد و برندسازی مقاصد گردشگری باید در اولویت برنامه‌ریزان قرار گیرد. بیش از یک هزار نفر در پروژه‌های گازرسانی استان کردستان مشغول به کار هستند و عملیات اجرای این طرح‌ها با سرعت در حال انجام است. مدیرعامل شرکت گاز استان گفت از ابتدای امسال تاکنون بیش از صد روستا از نعمت گاز طبیعی برخوردار شده‌اند و تا پایان سال این تعداد افزایش خواهد یافت. وی افزود با اجرای این پروژه‌ها ضریب نفوذ گاز در روستاهای استان به بیش از نود درصد رسیده است و این موضوع نقش مهمی در رفاه مردم دارد. گردشگری یکی از مهم‌ترین بخش‌های اقتصادی است که می‌تواند نقش موثری در اشتغال و توسعه پایدار مناطق داشته باشد و برندسازی مقاصد گردشگری باید در اولویت برنامه‌ریزان قرار گیرد. بیش از یک هزار نفر در پروژه‌های گازرسانی استان کردستان مشغول به کار هستند و عملیات اجرای این طرح‌ها با سرعت در حال انجام است.
بیش از یک هزار نفر در پروژه‌های گازرسانی استان کردستان مشغول به کار هستند و عملیات اجرای این طرح‌ها با سرعت در حال انجام است. مدیرعامل شرکت گاز استان گفت از ابتدای امسال تاکنون بیش از صد روستا از نعمت گاز طبیعی برخوردار شده‌اند و تا پایان سال این تعداد افزایش خواهد یافت. وی افزود با اجرای این پروژه‌ها ضریب نفوذ گاز در روستاهای استان به بیش از نود درصد رسیده است و این موضوع نقش مهمی در رفاه مردم دارد. گردشگری یکی از مهم‌ترین بخش‌های اقتصادی است که می‌تواند نقش موثری در اشتغال و توسعه پایدار مناطق داشته باشد و برندسازی مقاصد گردشگری باید در اولویت برنامه‌ریزان قرار گیرد. بیش از یک هزار نفر در پروژه‌های گازرسانی استان کردستان مشغول به کار هستند و عملیات اجرای این طرح‌ها با سرعت در حال انجام است. مدیرعامل شرکت گاز استان گفت از ابتدای امسال تاکنون بیش از صد روستا از نعمت گاز طبیعی برخوردار شده‌اند و تا پایان سال این تعداد افزایش خواهد یافت. وی افزود با اجرای این پروژه‌ها ضریب نفوذ گاز در روستاهای استان به بیش از نود درصد رسیده است و این موضوع نقش مهمی در رفاه مردم دارد. گردشگری یکی از مهم‌ترین بخش‌های اقتصادی است که می‌تواند نقش موثری در اشتغال و توسعه پایدار مناطق داشته باشد و برندسازی مقاصد گردشگری باید در اولویت برنامه‌ریزان قرار گیرد. بیش از یک هزار نفر در پروژه‌های گازرسانی استان کردستان مشغول به کار هستند و عملیات اجرای این طرح‌ها با سرعت در حال انجام است.
بیش از یک هزار نفر در پروژه‌های گازرسانی استان کردستان مشغول به کار هستند و عملیات اجرای این طرح‌ها با سرعت در حال انجام است. مدیرعامل شرکت گاز استان گفت از ابتدای امسال تاکنون بیش از صد روستا از نعمت گاز طبیعی برخوردار شده‌اند و تا پایان سال این تعداد افزایش خواهد یافت. وی افزود با اجرای این پروژه‌ها ضریب نفوذ گاز در روستاهای استان به بیش از نود درصد رسیده است و این موضوع نقش مهمی در رفاه مردم دارد. گردشگری یکی از مهم‌ترین بخش‌های اقتصادی است که می‌تواند نقش موثری در اشتغال و توسعه پایدار مناطق داشته باشد و برندسازی مقاصد گردشگری باید در اولویت برنامه‌ریزان قرار گیرد. بیش از یک هزار نفر در پروژه‌های گازرسانی استان کردستان مشغول به کار هستند و عملیات اجرای این طرح‌ها با سرعت در حال انجام است. مدیرعامل شرکت گاز استان گفت از ابتدای امسال تاکنون بیش از صد روستا از نعمت گاز طبیعی برخوردار شده‌اند و تا پایان سال این تعداد افزایش خواهد یافت. وی افزود با اجرای این پروژه‌ها ضریب نفوذ گاز در روستاهای استان به بیش از نود درصد رسیده است و این موضوع نقش مهمی در رفاه مردم دارد. گردشگری یکی از مهم‌ترین بخش‌های اقتصادی است که می‌تواند نقش موثری در اشتغال و توسعه پایدار مناطق داشته باشد و برندسازی مقاصد گردشگری باید در اولویت برنامه‌ریزان قرار گیرد. بیش از یک هزار نفر در پروژه‌های گازرسانی استان کردستان مشغول به کار هستند و عملیات اجرای این طرح‌ها با سرعت در حال انجام است.
بیش از یک هزار نفر در پروژه‌های گازرسانی استان کردستان مشغول به کار هستند و عملیات اجرای این طرح‌ها با سرعت در حال انجام است. مدیرعامل شرکت گاز استان گفت از ابتدای امسال تاکنون بیش از صد روستا از نعمت گاز طبیعی برخوردار شده‌اند و تا پایان سال این تعداد افزایش خواهد یافت. وی افزود با اجرای این پروژه‌ها ضریب نفوذ گاز در روستاهای استان به بیش از نود درصد رسیده است و این موضوع نقش مهمی در رفاه مردم دارد. گردشگری یکی از مهم‌ترین بخش‌های اقتصادی است که می‌تواند نقش موثری در اشتغال و توسعه پایدار مناطق داشته باشد و برندسازی مقاصد گردشگری باید در اولویت برنامه‌ریزان قرار گیرد. بیش از یک هزار نفر در پروژه‌های گازرسانی استان کردستان مشغول به کار هستند و عملیات اجرای این طرح‌ها با سرعت در حال انجام است. مدیرعامل شرکت گاز استان گفت از ابتدای امسال تاکنون بیش از صد روستا از نعمت گاز طبیعی برخوردار شده‌اند و تا پایان سال این تعداد افزایش خواهد یافت. وی افزود با اجرای این پروژه‌ها ضریب نفوذ گاز در روستاهای استان به بیش از نود درصد رسیده است و این موضوع نقش مهمی در رفاه مردم دارد. گردشگری یکی از مهم‌ترین بخش‌های اقتصادی است که می‌تواند نقش موثری در اشتغال و توسعه پایدار مناطق داشته باشد و برندسازی مقاصد گردشگری باید در اولویت برنامه‌ریزان قرار گیرد. بیش از یک هزار نفر در پروژه‌های گازرسانی استان کردستان مشغول به کار هستند و عملیات اجرای این طرح‌ها با سرعت در حال انجام است. مدیرعامل شرکت گاز استان گفت از ابتدای
استاندار مازندران:
ضرورت تقویت جایگاه مازندران بعنوان ایران کوچک در اعتبارات ملی
بیش از یک هزار نفر در پروژه‌های گازرسانی استان کردستان مشغول به کار هستند و عملیات اجرای این طرح‌ها با سرعت در حال انجام است. مدیرعامل شرکت گاز استان گفت از ابتدای امسال تاکنون بیش از صد روستا از نعمت گاز طبیعی برخوردار شده‌اند و تا پایان سال این تعداد افزایش خواهد یافت. وی افزود با اجرای این پروژه‌ها ضریب نفوذ گاز در روستاهای استان به بیش از نود درصد رسیده است و این موضوع نقش مهمی در رفاه مردم دارد. گردشگری یکی از مهم‌ترین بخش‌های اقتصادی است که می‌تواند نقش موثری در اشتغال و توسعه پایدار مناطق داشته باشد و برندسازی مقاصد گردشگری باید در اولویت برنامه‌ریزان قرار گیرد. بیش از یک هزار نفر در پروژه‌های گازرسانی استان کردستان مشغول به کار هستند و عملیات اجرای این طرح‌ها با سرعت در حال انجام است. مدیرعامل شرکت گاز استان گفت از ابتدای امسال تاکنون بیش از صد روستا از نعمت گاز طبیعی برخوردار شده‌اند و تا پایان سال این تعداد افزایش خواهد یافت. وی افزود با اجرای این پروژه‌ها ضریب نفوذ گاز در روستاهای استان به بیش از نود درصد رسیده است و این موضوع نقش مهمی در رفاه مردم دارد. گردشگری یکی از مهم‌ترین بخش‌های اقتصادی است که می‌تواند نقش موثری در اشتغال و توسعه پایدار مناطق داشته باشد و برندسازی مقاصد گردشگری باید در اولویت برنامه‌ریزان قرار گیرد. بیش از یک هزار نفر در پروژه‌های گازرسانی استان کردستان مشغول به کار هستند و عملیات اجرای این طرح‌ها با سرعت در حال انجام است. مدیرعامل شرکت گاز استان گفت از ابتدای امسال تاکنون بیش از صد روستا از نعمت گاز طبیعی برخوردار شده‌اند و تا پایان سال این تعداد افزایش خواهد یافت. وی افزود با اجرای این پروژه‌ها ضریب نفوذ گاز در روستاهای استان به بیش از نود درصد رسیده است و این موضوع نقش مهمی در رفاه مردم دارد. گردشگری یکی از مهم‌ترین بخش‌های اقتصادی است که می‌تواند نقش موثری در اشتغال و توسعه پایدار مناطق داشته باشد و برندسازی مقاصد گردشگری باید در اولویت برنامه‌ریزان قرار گیرد. بیش از یک هزار نفر در پروژه‌های گازرسانی استان کردستان مشغول به کار هستند و عملیات اجرای این طرح‌ها با سرعت در حال انجام است. مدیرعامل شرکت گاز استان گفت از ابتدای امسال تاکنون بیش از صد روستا از نعمت گاز طبیعی برخوردار شده‌اند و تا پایان سال این تعداد افزایش خواهد یافت. وی افزود با اجرای این پروژه‌ها ضریب نفوذ گاز در روستاهای استان به بیش از نود درصد رسیده است و این موضوع نقش مهمی در رفاه مردم دارد. گردشگری یکی از مهم‌ترین بخش‌های اقتصادی است که می‌تواند نقش موثری در اشتغال و توسعه پایدار مناطق داشته باشد و برندسازی مقاصد گردشگری باید در اولویت برنامه‌ریزان قرار گیرد. بیش از یک هزار نفر در پروژه‌های گازرسانی استان کردستان مشغول به کار هستند و عملیات اجرای این طرح‌ها با سرعت در حال انجام است. مدیرعامل شرکت گاز استان گفت از ابتدای امسال تاکنون بیش از صد روستا از نعمت گاز طبیعی برخوردار شده‌اند و تا پایان سال این تعداد افزایش خواهد یافت. وی افزود با اجرای این پروژه‌ها ضریب نفوذ گاز در روستاهای استان به بیش از نود درصد رسیده است و این موضوع نقش مهمی در رفاه مردم دارد. گردشگری یکی از مهم‌ترین بخش‌های اقتصادی است که می‌تواند نقش موثری در اشتغال و توسعه پایدار مناطق داشته باشد و برندسازی مقاصد گردشگری باید در اولویت برنامه‌ریزان قرار گیرد. بیش از یک هزار نفر در پروژه‌های گازرسانی استان کردستان مشغول به کار هستند و عملیات اجرای این طرح‌ها با سرعت در حال انجام است. مدیرعامل شرکت گاز استان گفت از ابتدای امسال تاکنون بیش از صد روستا از نعمت گاز طبیعی برخوردار شده‌اند و تا پایان سال این تعداد افزایش خواهد یافت. وی افزود با اجرای این پروژه‌ها ضریب نفوذ گاز در روستاهای استان به بیش از نود درصد رسیده است و این موضوع نقش مهمی در رفاه مردم دارد. گردشگری یکی از مهم‌ترین بخش‌های اقتصادی است که می‌تواند نقش موثری در اشتغال و توسعه پایدار مناطق داشته باشد و برندسازی مقاصد گردشگری باید در اولویت برنامه‌ریزان قرار گیرد.
معاون استاندار تهران تاکید کرد:
لزوم تدوین اطلس سرمایه‌گذاری در استان تهران
بیش از یک هزار نفر در پروژه‌های گازرسانی استان کردستان مشغول به کار هستند و عملیات اجرای این طرح‌ها با سرعت در حال انجام است. مدیرعامل شرکت گاز استان گفت از ابتدای امسال تاکنون بیش از صد روستا از نعمت گاز طبیعی برخوردار شده‌اند و تا پایان سال این تعداد افزایش خواهد یافت. وی افزود با اجرای این پروژه‌ها ضریب نفوذ گاز در روستاهای استان به بیش از نود درصد رسیده است و این موضوع نقش مهمی در رفاه مردم دارد. گردشگری یکی از مهم‌ترین بخش‌های اقتصادی است که می‌تواند نقش موثری در اشتغال و توسعه پایدار مناطق داشته باشد و برندسازی مقاصد گردشگری باید در اولویت برنامه‌ریزان قرار گیرد. بیش از یک هزار نفر در پروژه‌های گازرسانی استان کردستان مشغول به کار هستند و عملیات اجرای این طرح‌ها با سرعت در حال انجام است. مدیرعامل شرکت گاز استان گفت از ابتدای امسال تاکنون بیش از صد روستا از نعمت گاز طبیعی برخوردار شده‌اند و تا پایان سال این تعداد افزایش خواهد یافت. وی افزود با اجرای این پروژه‌ها ضریب نفوذ گاز در روستاهای استان به بیش از نود درصد رسیده است و این موضوع نقش مهمی در رفاه مردم دارد. گردشگری یکی از مهم‌ترین بخش‌های اقتصادی است که می‌تواند نقش موثری در اشتغال و توسعه پایدار مناطق داشته باشد و برندسازی مقاصد گردشگری باید در اولویت برنامه‌ریزان قرار گیرد. بیش از یک هزار نفر در پروژه‌های گازرسانی استان کردستان مشغول به کار هستند و عملیات اجرای این طرح‌ها با سرعت در حال انجام است. مدیرعامل شرکت گاز استان گفت از ابتدای امسال تاکنون بیش از صد روستا از نعمت گاز طبیعی برخوردار شده‌اند و تا پایان سال این تعداد افزایش خواهد یافت. وی افزود با اجرای این پروژه‌ها ضریب نفوذ گاز در روستاهای استان به بیش از نود درصد رسیده است و این موضوع نقش مهمی در رفاه مردم دارد. گردشگری یکی از مهم‌ترین بخش‌های اقتصادی است که می‌تواند نقش موثری در اشتغال و توسعه پایدار مناطق داشته باشد و برندسازی مقاصد گردشگری باید در اولویت برنامه‌ریزان قرار گیرد. بیش از یک هزار نفر در پروژه‌های گازرسانی استان کردستان مشغول به کار هستند و عملیات اجرای این طرح‌ها با سرعت در حال انجام است. مدیرعامل شرکت گاز استان گفت از ابتدای امسال تاکنون بیش از صد روستا از نعمت گاز طبیعی برخوردار شده‌اند و تا پایان سال این تعداد افزایش خواهد یافت. وی افزود با اجرای این پروژه‌ها ضریب نفوذ گاز در روستاهای استان به بیش از نود درصد رسیده است و این موضوع نقش مهمی در رفاه مردم دارد. گردشگری یکی از مهم‌ترین بخش‌های اقتصادی است که می‌تواند نقش موثری در اشتغال و توسعه پایدار مناطق داشته باشد و برندسازی مقاصد گردشگری باید در اولویت برنامه‌ریزان قرار گیرد. بیش از یک هزار نفر در پروژه‌های گازرسانی استان کردستان مشغول به کار هستند و عملیات اجرای این طرح‌ها با سرعت در حال انجام است. مدیرعامل شرکت گاز استان گفت از ابتدای امسال تاکنون بیش از صد روستا از نعمت گاز طبیعی برخوردار شده‌اند و تا پایان سال این تعداد افزایش خواهد یافت. وی افزود با اجرای این پروژه‌ها ضریب نفوذ گاز در روستاهای استان به بیش از نود درصد رسیده است و این موضوع نقش مهمی در رفاه مردم دارد. گردشگری یکی از مهم‌ترین بخش‌های اقتصادی است که می‌تواند نقش موثری در اشتغال و توسعه پایدار مناطق داشته باشد و برندسازی مقاصد گردشگری باید در اولویت برنامه‌ریزان قرار گیرد. بیش از یک هزار نفر در پروژه‌های گازرسانی استان کردستان مشغول به کار هستند و عملیات اجرای این طرح‌ها با سرعت در حال انجام است. مدیرعامل شرکت گاز استان گفت از ابتدای امسال تاکنون بیش از صد روستا از نعمت گاز طبیعی برخوردار شده‌اند و تا پایان سال این تعداد افزایش خواهد یافت. وی افزود با اجرای این پروژه‌ها ضریب نفوذ گاز در روستاهای استان به بیش از نود درصد رسیده است و این موضوع نقش مهمی در رفاه مردم دارد. گردشگری یکی از مهم‌ترین بخش‌های اقتصادی است که می‌تواند نقش موثری در اشتغال و توسعه پایدار مناطق داشته باشد و برندسازی مقاصد گردشگری باید در اولویت برنامه‌ریزان قرار گیرد.
